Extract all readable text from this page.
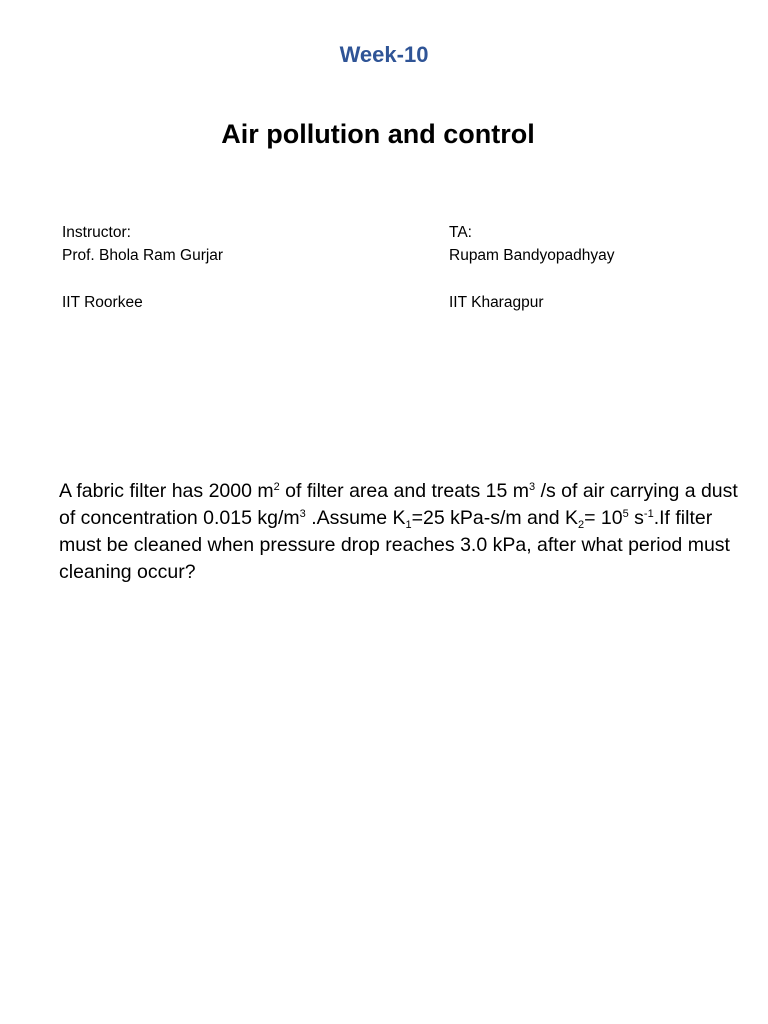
Week-10
Air pollution and control
Instructor:
Prof. Bhola Ram Gurjar
IIT Roorkee
TA:
Rupam Bandyopadhyay
IIT Kharagpur
A fabric filter has 2000 $m^2$ of filter area and treats 15 $m^3$ /s of air carrying a dust of concentration 0.015 $kg/m^3$ .Assume $K_1=25$ kPa-s/m and $K_2= 10^5$ $s^{-1}.If$ filter must be cleaned when pressure drop reaches 3.0 kPa, after what period must cleaning occur?
